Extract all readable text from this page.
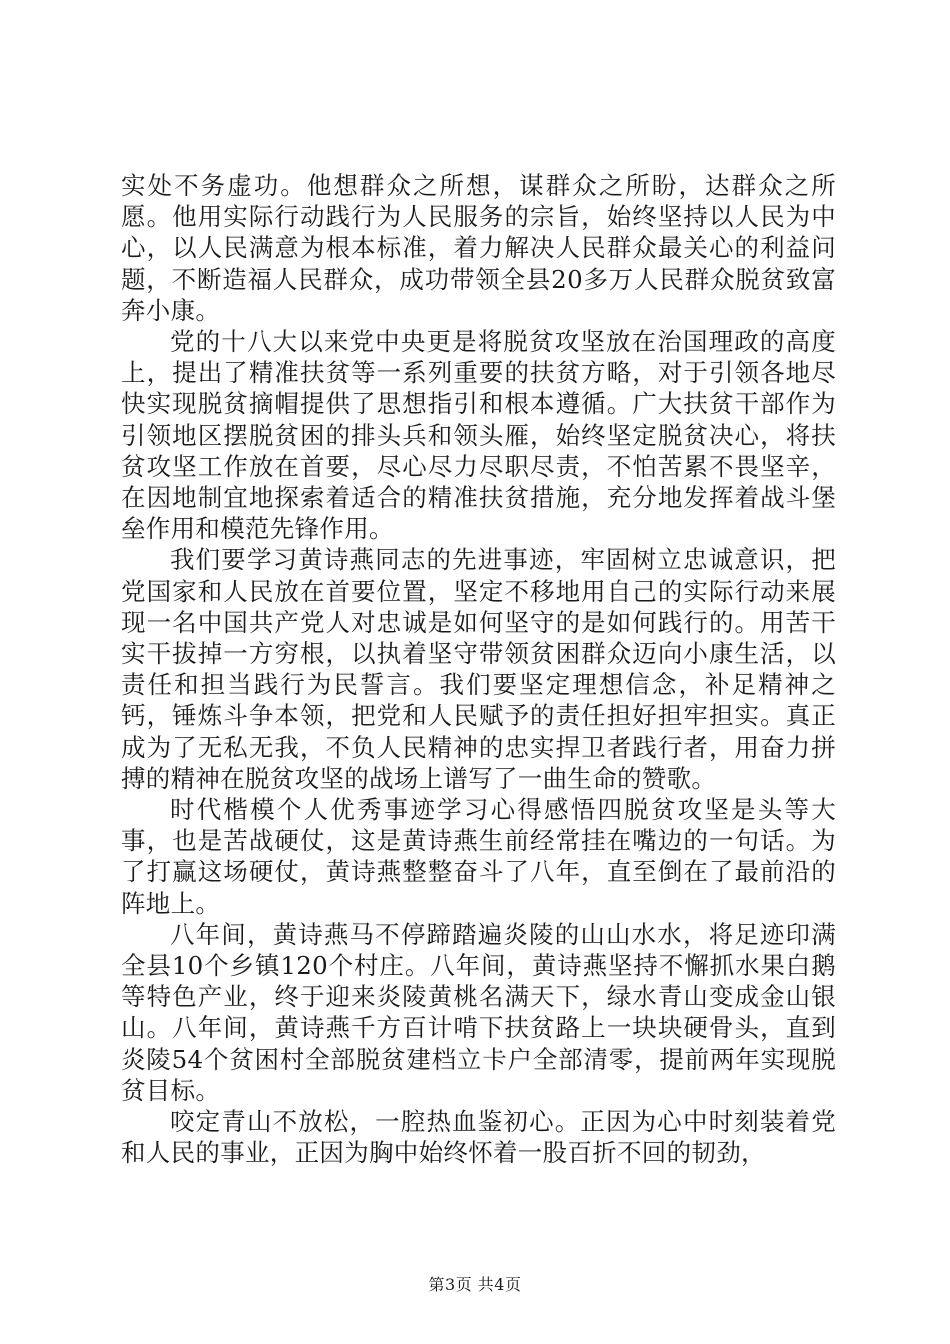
实处不务虚功。他想群众之所想，谋群众之所盼，达群众之所愿。他用实际行动践行为人民服务的宗旨，始终坚持以人民为中心，以人民满意为根本标准，着力解决人民群众最关心的利益问题，不断造福人民群众，成功带领全县20多万人民群众脱贫致富奔小康。

党的十八大以来党中央更是将脱贫攻坚放在治国理政的高度上，提出了精准扶贫等一系列重要的扶贫方略，对于引领各地尽快实现脱贫摘帽提供了思想指引和根本遵循。广大扶贫干部作为引领地区摆脱贫困的排头兵和领头雁，始终坚定脱贫决心，将扶贫攻坚工作放在首要，尽心尽力尽职尽责，不怕苦累不畏坚辛，在因地制宜地探索着适合的精准扶贫措施，充分地发挥着战斗堡垒作用和模范先锋作用。

我们要学习黄诗燕同志的先进事迹，牢固树立忠诚意识，把党国家和人民放在首要位置，坚定不移地用自己的实际行动来展现一名中国共产党人对忠诚是如何坚守的是如何践行的。用苦干实干拔掉一方穷根，以执着坚守带领贫困群众迈向小康生活，以责任和担当践行为民誓言。我们要坚定理想信念，补足精神之钙，锤炼斗争本领，把党和人民赋予的责任担好担牢担实。真正成为了无私无我，不负人民精神的忠实捍卫者践行者，用奋力拼搏的精神在脱贫攻坚的战场上谱写了一曲生命的赞歌。

时代楷模个人优秀事迹学习心得感悟四脱贫攻坚是头等大事，也是苦战硬仗，这是黄诗燕生前经常挂在嘴边的一句话。为了打赢这场硬仗，黄诗燕整整奋斗了八年，直至倒在了最前沿的阵地上。

八年间，黄诗燕马不停蹄踏遍炎陵的山山水水，将足迹印满全县10个乡镇120个村庄。八年间，黄诗燕坚持不懈抓水果白鹅等特色产业，终于迎来炎陵黄桃名满天下，绿水青山变成金山银山。八年间，黄诗燕千方百计啃下扶贫路上一块块硬骨头，直到炎陵54个贫困村全部脱贫建档立卡户全部清零，提前两年实现脱贫目标。

咬定青山不放松，一腔热血鉴初心。正因为心中时刻装着党和人民的事业，正因为胸中始终怀着一股百折不回的韧劲，

第3页 共4页
